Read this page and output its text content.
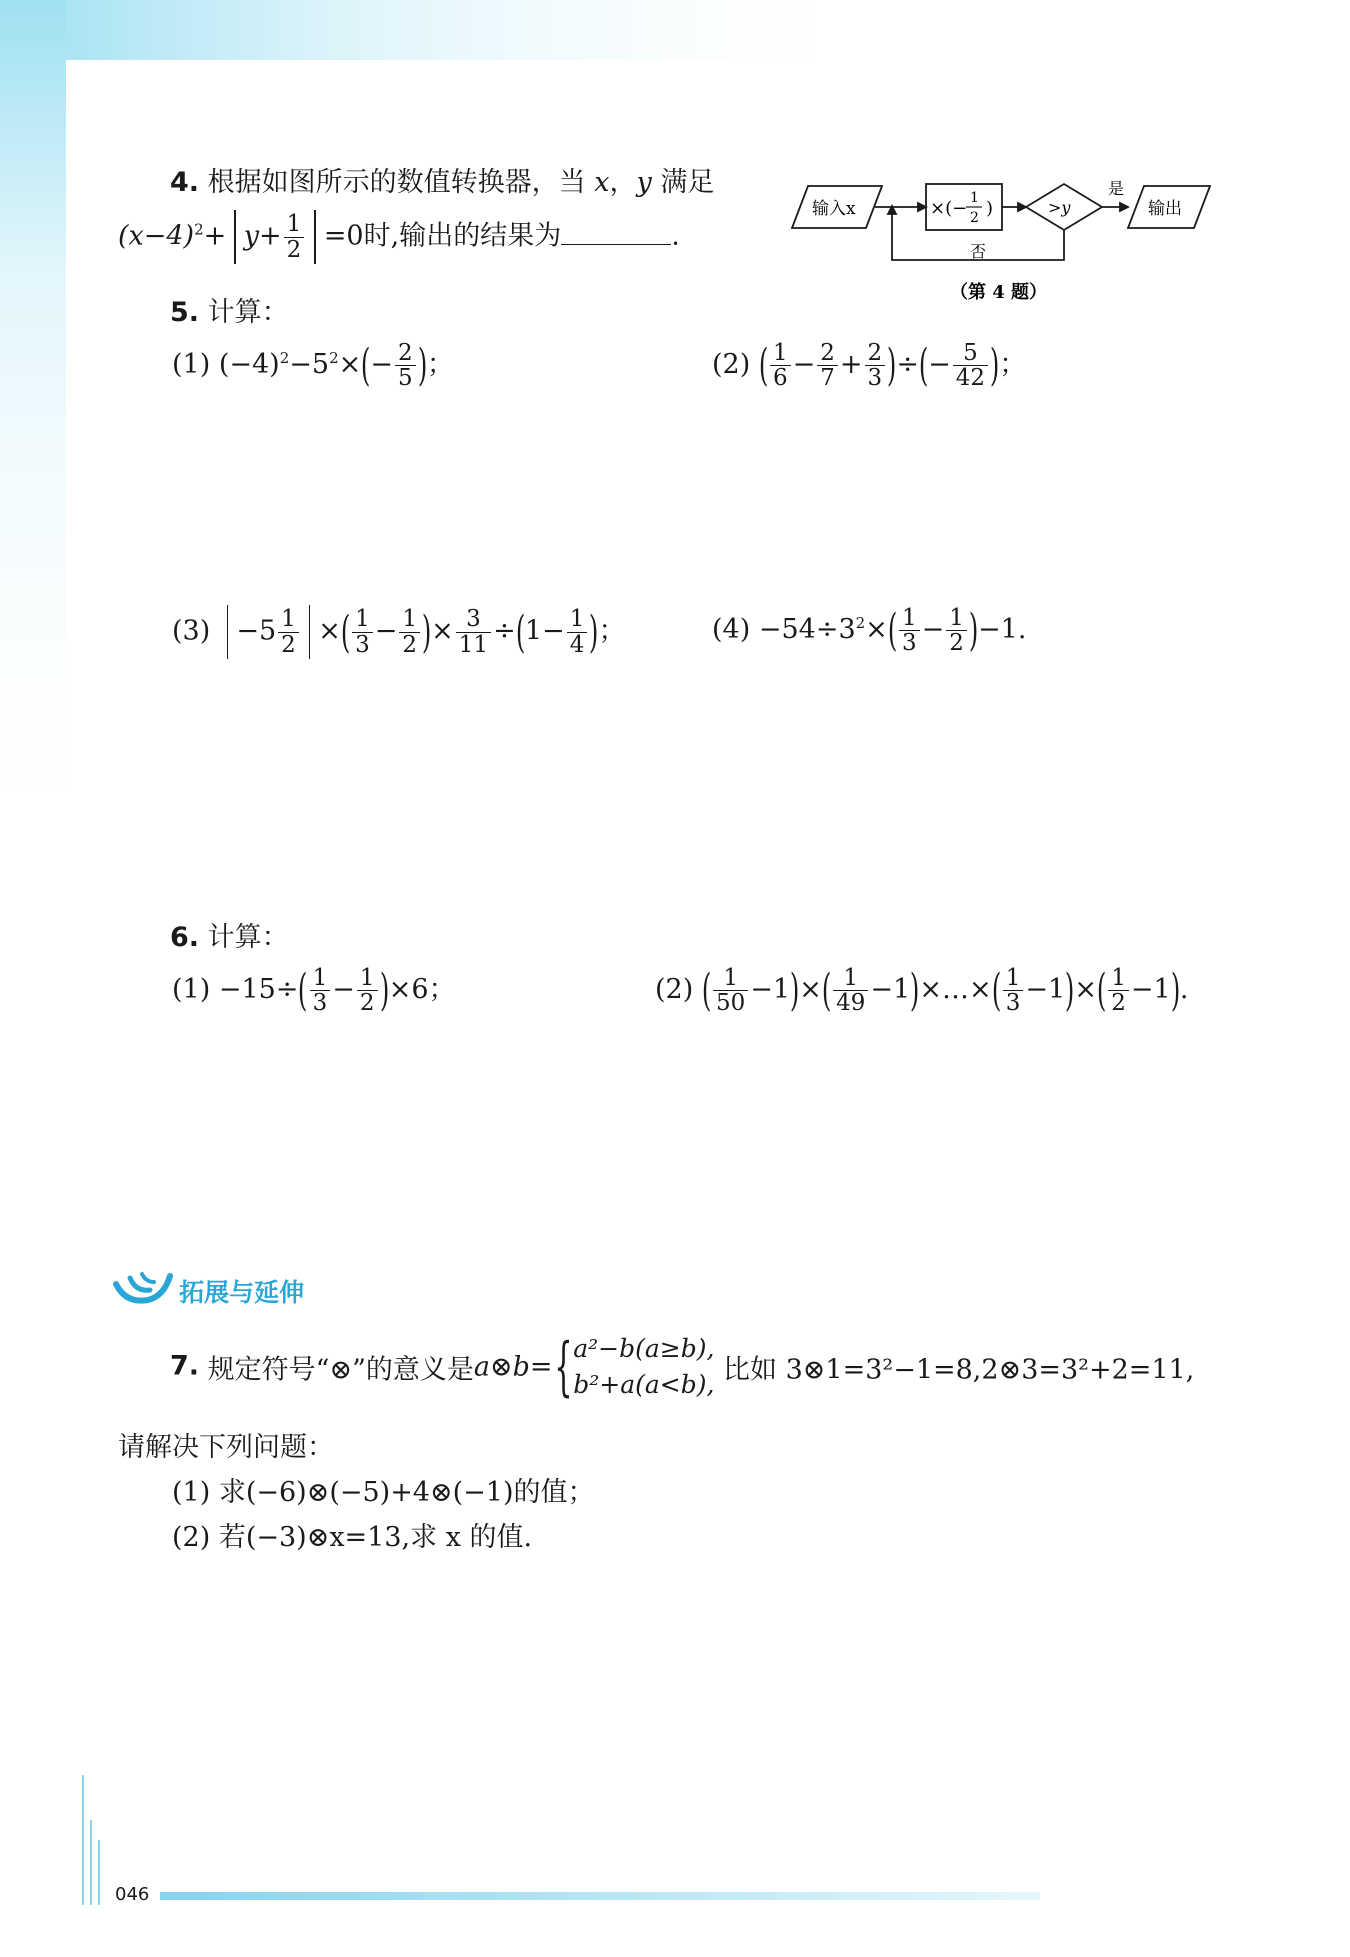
4. 根据如图所示的数值转换器，当 x，y 满足
$(x-4)^2+ y+ \frac{1}{2} =0$时,输出的结果为	.
输入x	×(− 1
2 )	>y
是
输出
否
（第 4 题）
5. 计算：
(1) $(-4)^2-5^2\times(- \frac{2}{5}$ )；	(2) ( $\frac{1}{6} - \frac{2}{7} + \frac{2}{3}$ )÷(− $\frac{5}{42}$ )；
$(3) -5 \frac{1}{2}$ ×( $\frac{1}{3} - \frac{1}{2}$ )× $\frac{3}{11} \div(1- \frac{1}{4}$ )；	$(4) -54\div 3^2\times( \frac{1}{3} - \frac{1}{2} )-1$.
6. 计算：
$(1) -15\div( \frac{1}{3} - \frac{1}{2} )\times 6$；	(2) ( $\frac{1}{50} -1)\times( \frac{1}{49}$ −1)×…×( $\frac{1}{3} -1)\times( \frac{1}{2} -1)$.
拓展与延伸
7. 规定符号“⊗”的意义是a⊗b={ a²−b(a≥b),
b²+a(a<b), 比如 3⊗1=3²−1=8,2⊗3=3²+2=11,
请解决下列问题：
(1) 求(−6)⊗(−5)+4⊗(−1)的值；
(2) 若(−3)⊗x=13,求 x 的值.
046
